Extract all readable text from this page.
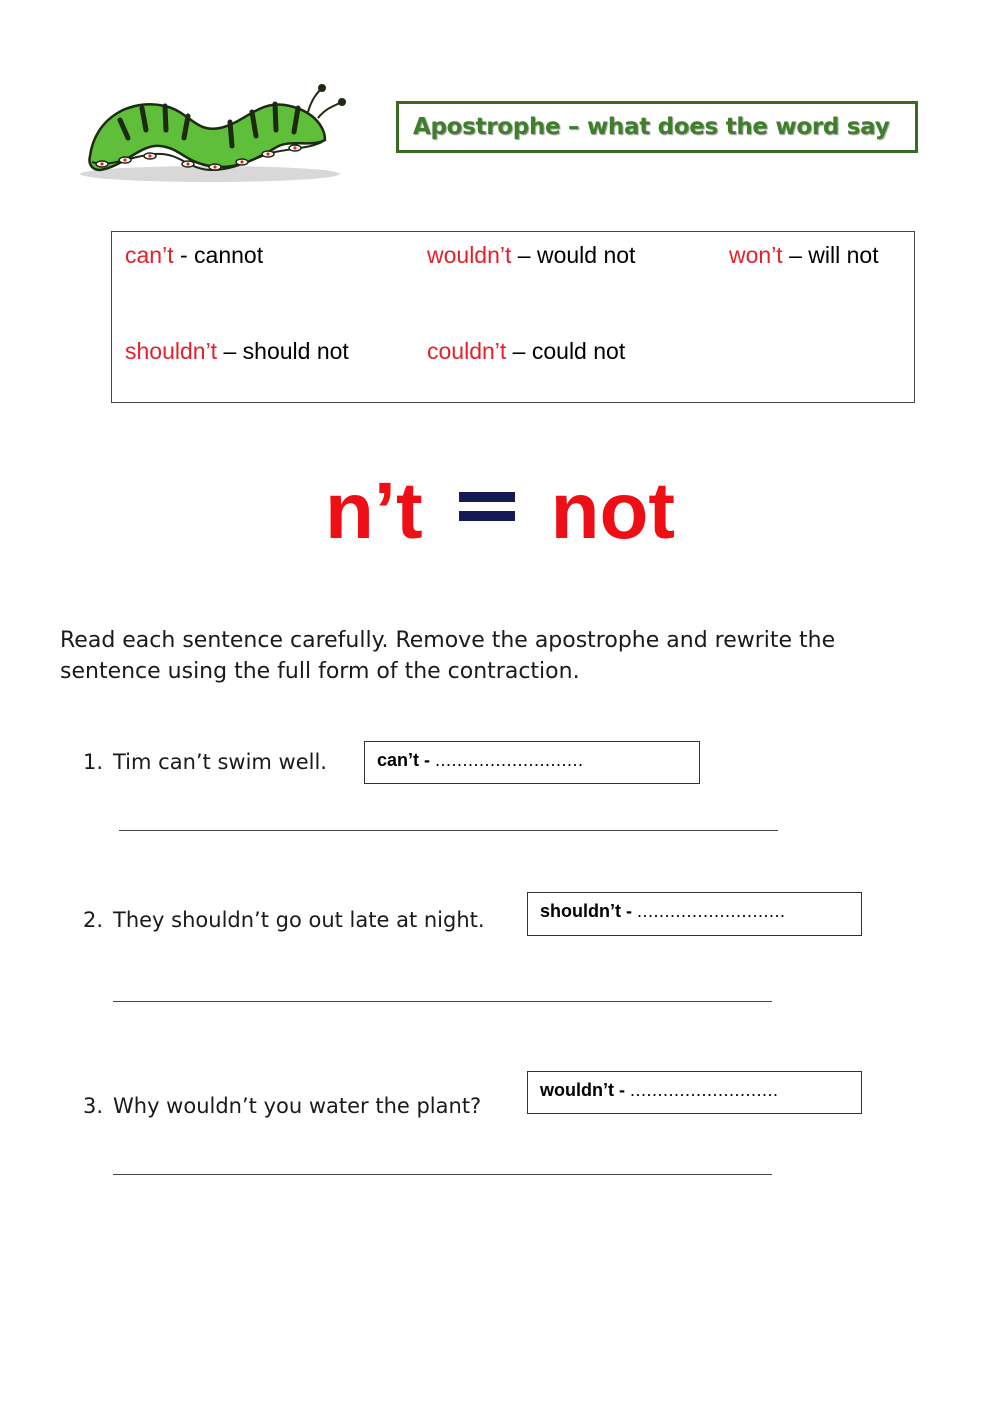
Apostrophe – what does the word say
can’t - cannot	wouldn’t – would not	won’t – will not
shouldn’t – should not	couldn’t – could not
n’t not
Read each sentence carefully. Remove the apostrophe and rewrite the sentence using the full form of the contraction.
1. Tim can’t swim well.	can’t - ...........................
2. They shouldn’t go out late at night.	shouldn’t - ...........................
3. Why wouldn’t you water the plant?
wouldn’t - ...........................
